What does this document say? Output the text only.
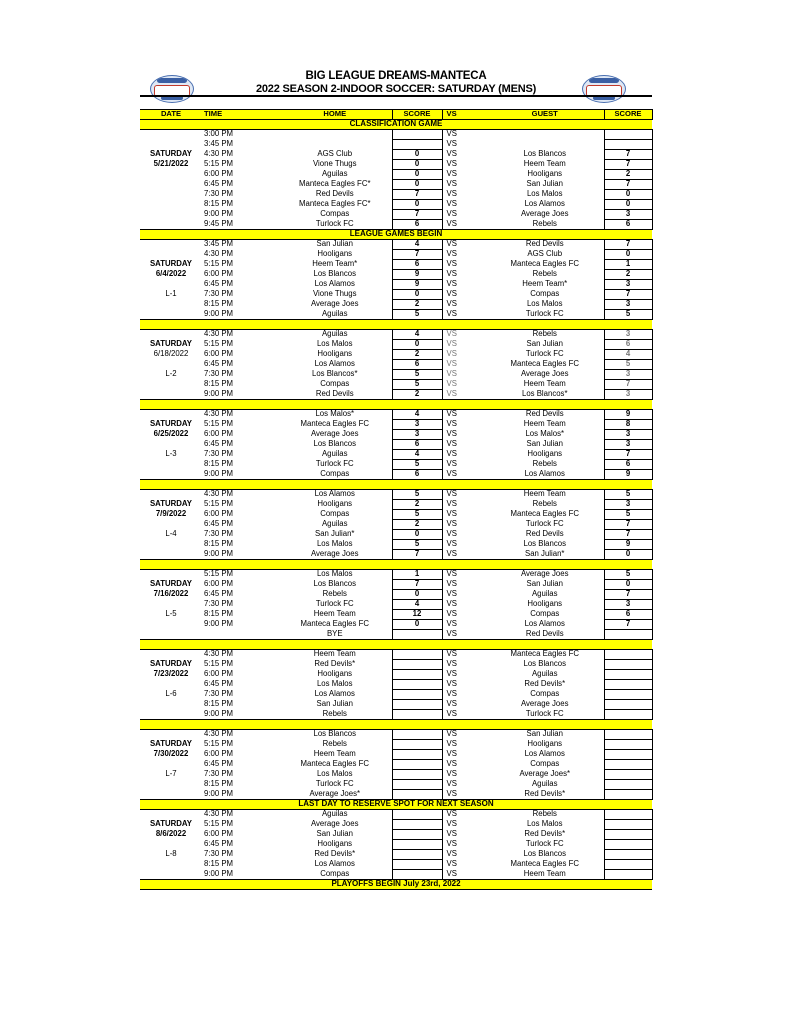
BIG LEAGUE DREAMS-MANTECA
2022 SEASON 2-INDOOR SOCCER: SATURDAY (MENS)
DATE	TIME	HOME	SCORE	VS	GUEST	SCORE
CLASSIFICATION GAME						
	3:00 PM			VS		
	3:45 PM			VS		
SATURDAY	4:30 PM	AGS Club	0	VS	Los Blancos	7
5/21/2022	5:15 PM	Vione Thugs	0	VS	Heem Team	7
	6:00 PM	Aguilas	0	VS	Hooligans	2
	6:45 PM	Manteca Eagles FC*	0	VS	San Julian	7
	7:30 PM	Red Devils	7	VS	Los Malos	0
	8:15 PM	Manteca Eagles FC*	0	VS	Los Alamos	0
	9:00 PM	Compas	7	VS	Average Joes	3
	9:45 PM	Turlock FC	6	VS	Rebels	6
LEAGUE GAMES BEGIN						
	3:45 PM	San Julian	4	VS	Red Devils	7
	4:30 PM	Hooligans	7	VS	AGS Club	0
SATURDAY	5:15 PM	Heem Team*	6	VS	Manteca Eagles FC	1
6/4/2022	6:00 PM	Los Blancos	9	VS	Rebels	2
	6:45 PM	Los Alamos	9	VS	Heem Team*	3
L-1	7:30 PM	Vione Thugs	0	VS	Compas	7
	8:15 PM	Average Joes	2	VS	Los Malos	3
	9:00 PM	Aguilas	5	VS	Turlock FC	5

	4:30 PM	Aguilas	4	VS	Rebels	3
SATURDAY	5:15 PM	Los Malos	0	VS	San Julian	6
6/18/2022	6:00 PM	Hooligans	2	VS	Turlock FC	4
	6:45 PM	Los Alamos	6	VS	Manteca Eagles FC	5
L-2	7:30 PM	Los Blancos*	5	VS	Average Joes	3
	8:15 PM	Compas	5	VS	Heem Team	7
	9:00 PM	Red Devils	2	VS	Los Blancos*	3

	4:30 PM	Los Malos*	4	VS	Red Devils	9
SATURDAY	5:15 PM	Manteca Eagles FC	3	VS	Heem Team	8
6/25/2022	6:00 PM	Average Joes	3	VS	Los Malos*	3
	6:45 PM	Los Blancos	6	VS	San Julian	3
L-3	7:30 PM	Aguilas	4	VS	Hooligans	7
	8:15 PM	Turlock FC	5	VS	Rebels	6
	9:00 PM	Compas	6	VS	Los Alamos	9

	4:30 PM	Los Alamos	5	VS	Heem Team	5
SATURDAY	5:15 PM	Hooligans	2	VS	Rebels	3
7/9/2022	6:00 PM	Compas	5	VS	Manteca Eagles FC	5
	6:45 PM	Aguilas	2	VS	Turlock FC	7
L-4	7:30 PM	San Julian*	0	VS	Red Devils	7
	8:15 PM	Los Malos	5	VS	Los Blancos	9
	9:00 PM	Average Joes	7	VS	San Julian*	0

	5:15 PM	Los Malos	1	VS	Average Joes	5
SATURDAY	6:00 PM	Los Blancos	7	VS	San Julian	0
7/16/2022	6:45 PM	Rebels	0	VS	Aguilas	7
	7:30 PM	Turlock FC	4	VS	Hooligans	3
L-5	8:15 PM	Heem Team	12	VS	Compas	6
	9:00 PM	Manteca Eagles FC	0	VS	Los Alamos	7
		BYE		VS	Red Devils	

	4:30 PM	Heem Team		VS	Manteca Eagles FC	
SATURDAY	5:15 PM	Red Devils*		VS	Los Blancos	
7/23/2022	6:00 PM	Hooligans		VS	Aguilas	
	6:45 PM	Los Malos		VS	Red Devils*	
L-6	7:30 PM	Los Alamos		VS	Compas	
	8:15 PM	San Julian		VS	Average Joes	
	9:00 PM	Rebels		VS	Turlock FC	

	4:30 PM	Los Blancos		VS	San Julian	
SATURDAY	5:15 PM	Rebels		VS	Hooligans	
7/30/2022	6:00 PM	Heem Team		VS	Los Alamos	
	6:45 PM	Manteca Eagles FC		VS	Compas	
L-7	7:30 PM	Los Malos		VS	Average Joes*	
	8:15 PM	Turlock FC		VS	Aguilas	
	9:00 PM	Average Joes*		VS	Red Devils*	
LAST DAY TO RESERVE SPOT FOR NEXT SEASON						
	4:30 PM	Aguilas		VS	Rebels	
SATURDAY	5:15 PM	Average Joes		VS	Los Malos	
8/6/2022	6:00 PM	San Julian		VS	Red Devils*	
	6:45 PM	Hooligans		VS	Turlock FC	
L-8	7:30 PM	Red Devils*		VS	Los Blancos	
	8:15 PM	Los Alamos		VS	Manteca Eagles FC	
	9:00 PM	Compas		VS	Heem Team	
PLAYOFFS BEGIN July 23rd, 2022						
